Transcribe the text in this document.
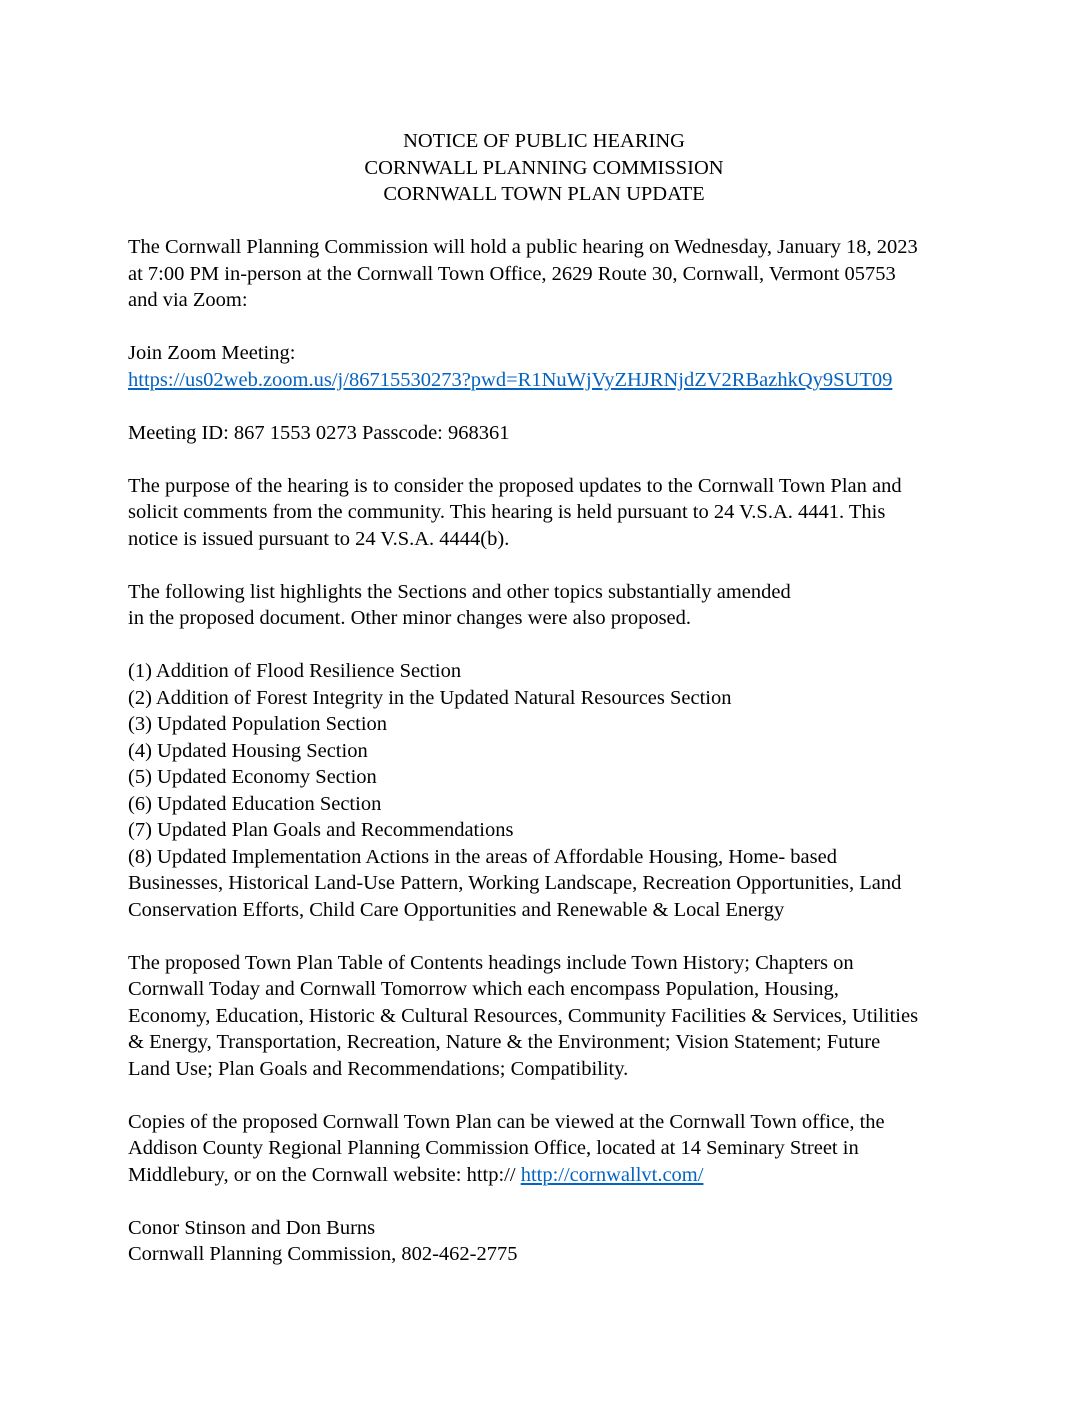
NOTICE OF PUBLIC HEARING
CORNWALL PLANNING COMMISSION
CORNWALL TOWN PLAN UPDATE

The Cornwall Planning Commission will hold a public hearing on Wednesday, January 18, 2023
at 7:00 PM in-person at the Cornwall Town Office, 2629 Route 30, Cornwall, Vermont 05753
and via Zoom:

Join Zoom Meeting:
https://us02web.zoom.us/j/86715530273?pwd=R1NuWjVyZHJRNjdZV2RBazhkQy9SUT09

Meeting ID: 867 1553 0273 Passcode: 968361

The purpose of the hearing is to consider the proposed updates to the Cornwall Town Plan and
solicit comments from the community. This hearing is held pursuant to 24 V.S.A. 4441. This
notice is issued pursuant to 24 V.S.A. 4444(b).

The following list highlights the Sections and other topics substantially amended
in the proposed document. Other minor changes were also proposed.

(1) Addition of Flood Resilience Section
(2) Addition of Forest Integrity in the Updated Natural Resources Section
(3) Updated Population Section
(4) Updated Housing Section
(5) Updated Economy Section
(6) Updated Education Section
(7) Updated Plan Goals and Recommendations
(8) Updated Implementation Actions in the areas of Affordable Housing, Home- based
Businesses, Historical Land-Use Pattern, Working Landscape, Recreation Opportunities, Land
Conservation Efforts, Child Care Opportunities and Renewable & Local Energy

The proposed Town Plan Table of Contents headings include Town History; Chapters on
Cornwall Today and Cornwall Tomorrow which each encompass Population, Housing,
Economy, Education, Historic & Cultural Resources, Community Facilities & Services, Utilities
& Energy, Transportation, Recreation, Nature & the Environment; Vision Statement; Future
Land Use; Plan Goals and Recommendations; Compatibility.

Copies of the proposed Cornwall Town Plan can be viewed at the Cornwall Town office, the
Addison County Regional Planning Commission Office, located at 14 Seminary Street in
Middlebury, or on the Cornwall website: http:// http://cornwallvt.com/

Conor Stinson and Don Burns
Cornwall Planning Commission, 802-462-2775
